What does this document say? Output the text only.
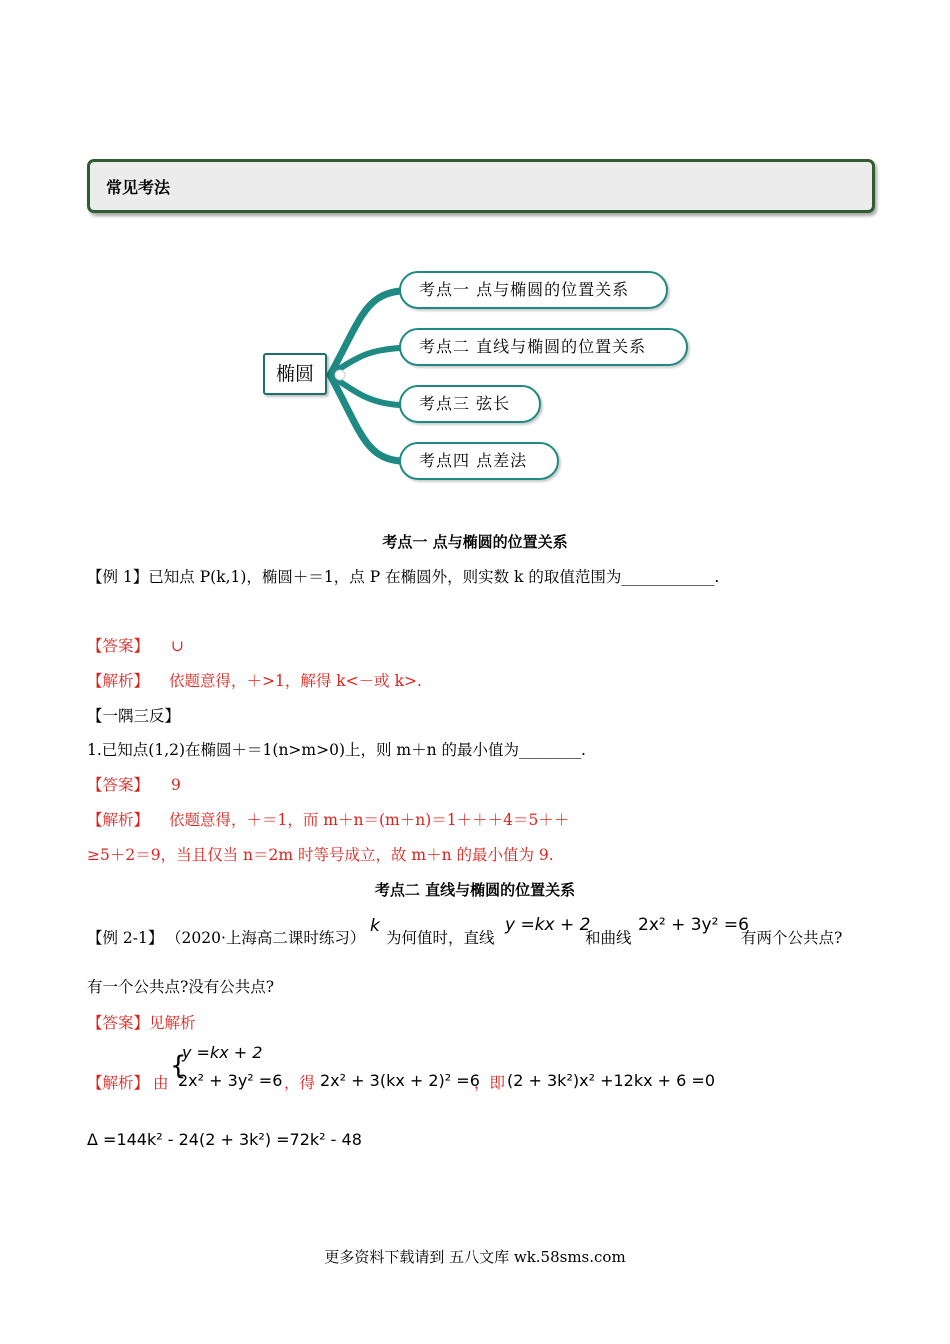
常见考法
椭圆
考点一 点与椭圆的位置关系
考点二 直线与椭圆的位置关系
考点三 弦长
考点四 点差法
考点一 点与椭圆的位置关系
【例 1】已知点 P(k,1)，椭圆＋＝1，点 P 在椭圆外，则实数 k 的取值范围为____________.
【答案】 ∪
【解析】 依题意得，＋>1，解得 k<－或 k>.
【一隅三反】
1.已知点(1,2)在椭圆＋＝1(n>m>0)上，则 m＋n 的最小值为________.
【答案】 9
【解析】 依题意得，＋＝1，而 m＋n＝(m＋n)＝1＋＋＋4＝5＋＋
≥5＋2＝9，当且仅当 n＝2m 时等号成立，故 m＋n 的最小值为 9.
考点二 直线与椭圆的位置关系
【例 2-1】 （2020·上海高二课时练习）
k
为何值时，直线
y =kx + 2
和曲线
2x² + 3y² =6
有两个公共点?
有一个公共点?没有公共点?
【答案】见解析
【解析】 由
{
y =kx + 2
2x² + 3y² =6 ，得 2x² + 3(kx + 2)² =6
，即 (2 + 3k²)x² +12kx + 6 =0
Δ =144k² - 24(2 + 3k²) =72k² - 48
更多资料下载请到 五八文库 wk.58sms.com
